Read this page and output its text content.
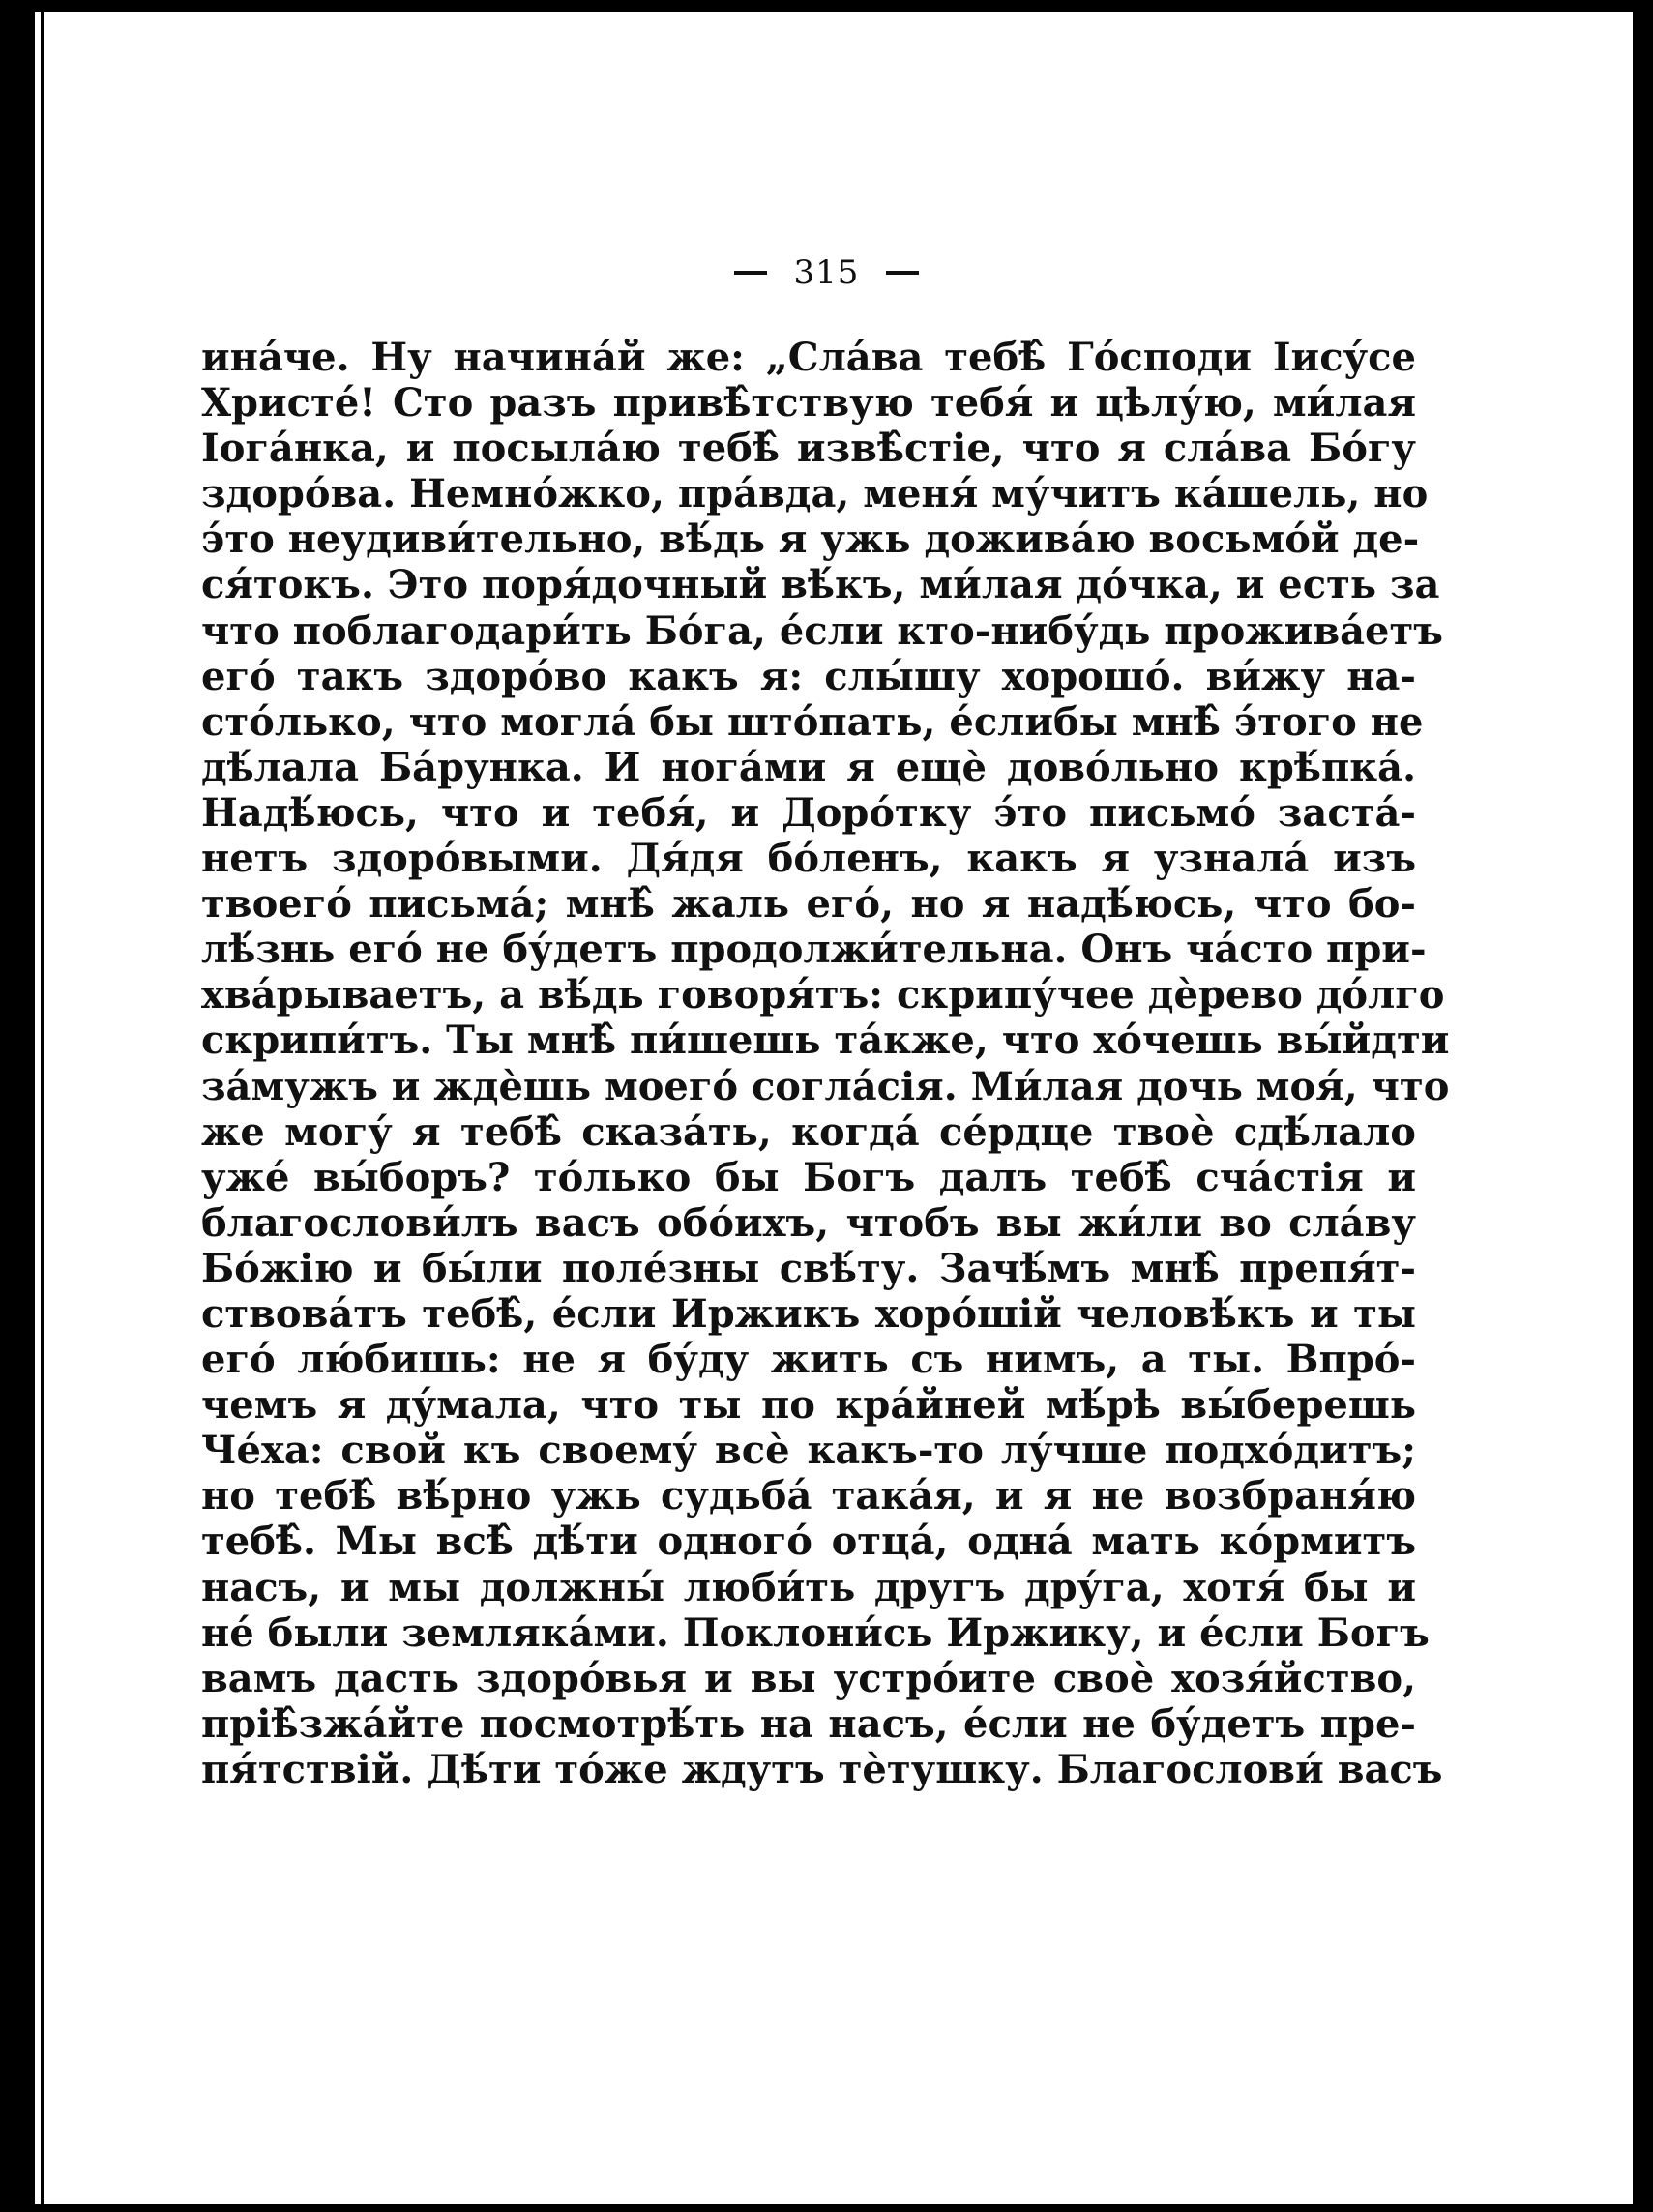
315
ина́че. Ну начина́й же: „Сла́ва тебѣ̂ Го́споди Іису́се
Христе́! Сто разъ привѣ̂тствую тебя́ и цѣлу́ю, ми́лая
Іога́нка, и посыла́ю тебѣ̂ извѣ̂стіе, что я сла́ва Бо́гу
здоро́ва. Немно́жко, пра́вда, меня́ му́читъ ка́шель, но
э́то неудиви́тельно, вѣ́дь я ужь дожива́ю восьмо́й де-
ся́токъ. Это поря́дочный вѣ́къ, ми́лая до́чка, и есть за
что поблагодари́ть Бо́га, е́сли кто-нибу́дь прожива́етъ
его́ такъ здоро́во какъ я: слы́шу хорошо́. ви́жу на-
сто́лько, что могла́ бы што́пать, е́слибы мнѣ̂ э́того не
дѣ́лала Ба́рунка. И нога́ми я ещѐ дово́льно крѣ́пка́.
Надѣ́юсь, что и тебя́, и Доро́тку э́то письмо́ заста́-
нетъ здоро́выми. Дя́дя бо́ленъ, какъ я узнала́ изъ
твоего́ письма́; мнѣ̂ жаль его́, но я надѣ́юсь, что бо-
лѣ́знь его́ не бу́детъ продолжи́тельна. Онъ ча́сто при-
хва́рываетъ, а вѣ́дь говоря́тъ: скрипу́чее дѐрево до́лго
скрипи́тъ. Ты мнѣ̂ пи́шешь та́кже, что хо́чешь вы́йдти
за́мужъ и ждѐшь моего́ согла́сія. Ми́лая дочь моя́, что
же могу́ я тебѣ̂ сказа́ть, когда́ се́рдце твоѐ сдѣ́лало
уже́ вы́боръ? то́лько бы Богъ далъ тебѣ̂ сча́стія и
благослови́лъ васъ обо́ихъ, чтобъ вы жи́ли во сла́ву
Бо́жію и бы́ли поле́зны свѣ́ту. Зачѣ́мъ мнѣ̂ препя́т-
ствова́тъ тебѣ̂, е́сли Иржикъ хоро́шій человѣ́къ и ты
его́ лю́бишь: не я бу́ду жить съ нимъ, а ты. Впро́-
чемъ я ду́мала, что ты по кра́йней мѣ́рѣ вы́берешь
Че́ха: свой къ своему́ всѐ какъ-то лу́чше подхо́дитъ;
но тебѣ̂ вѣ́рно ужь судьба́ така́я, и я не возбраня́ю
тебѣ̂. Мы всѣ̂ дѣ́ти одного́ отца́, одна́ мать ко́рмитъ
насъ, и мы должны́ люби́ть другъ дру́га, хотя́ бы и
не́ были земляка́ми. Поклони́сь Иржику, и е́сли Богъ
вамъ дасть здоро́вья и вы устро́ите своѐ хозя́йство,
пріѣ̂зжа́йте посмотрѣ́ть на насъ, е́сли не бу́детъ пре-
пя́тствій. Дѣ́ти то́же ждутъ тѐтушку. Благослови́ васъ
